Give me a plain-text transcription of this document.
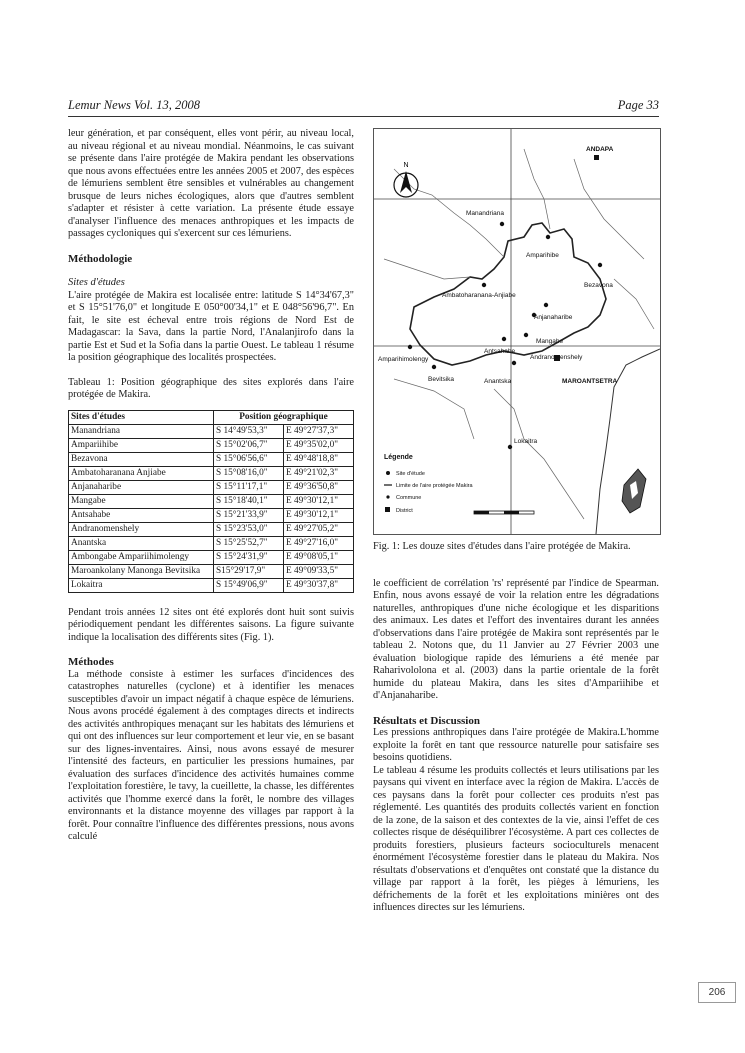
Lemur News Vol. 13, 2008	Page 33

leur génération, et par conséquent, elles vont périr, au niveau local, au niveau régional et au niveau mondial. Néanmoins, le cas suivant se présente dans l'aire protégée de Makira pendant les observations que nous avons effectuées entre les années 2005 et 2007, des espèces de lémuriens semblent être sensibles et vulnérables au changement brusque de leurs niches écologiques, alors que d'autres semblent s'adapter et résister à cette variation. La présente étude essaye d'analyser l'influence des menaces anthropiques et les impacts de passages cycloniques qui s'exercent sur ces lémuriens.

Méthodologie
Sites d'études

L'aire protégée de Makira est localisée entre: latitude S 14°34'67,3" et S 15°51'76,0" et longitude E 050°00'34,1" et E 048°56'96,7". En fait, le site est écheval entre trois régions de Nord Est de Madagascar: la Sava, dans la partie Nord, l'Analanjirofo dans la partie Est et Sud et la Sofia dans la partie Ouest. Le tableau 1 résume la position géographique des localités prospectées.

Tableau 1: Position géographique des sites explorés dans l'aire protégée de Makira.

Sites d'études	Position géographique	
Manandriana	S 14°49'53,3"	E 49°27'37,3"
Ampariihibe	S 15°02'06,7"	E 49°35'02,0"
Bezavona	S 15°06'56,6"	E 49°48'18,8"
Ambatoharanana Anjiabe	S 15°08'16,0"	E 49°21'02,3"
Anjanaharibe	S 15°11'17,1"	E 49°36'50,8"
Mangabe	S 15°18'40,1"	E 49°30'12,1"
Antsahabe	S 15°21'33,9"	E 49°30'12,1"
Andranomenshely	S 15°23'53,0"	E 49°27'05,2"
Anantska	S 15°25'52,7"	E 49°27'16,0"
Ambongabe Ampariihimolengy	S 15°24'31,9"	E 49°08'05,1"
Maroankolany Manonga Bevitsika	S15°29'17,9"	E 49°09'33,5"
Lokaitra	S 15°49'06,9"	E 49°30'37,8"

Pendant trois années 12 sites ont été explorés dont huit sont suivis périodiquement pendant les différentes saisons. La figure suivante indique la localisation des différents sites (Fig. 1).

Méthodes

La méthode consiste à estimer les surfaces d'incidences des catastrophes naturelles (cyclone) et à identifier les menaces susceptibles d'avoir un impact négatif à chaque espèce de lémuriens. Nous avons procédé également à des comptages directs et indirects des activités anthropiques menaçant sur les habitats des lémuriens et qui ont des influences sur leur comportement et leur vie, en se basant sur des lignes-inventaires. Ainsi, nous avons essayé de mesurer l'intensité des facteurs, en particulier les pressions humaines, par évaluation des surfaces d'incidence des activités humaines comme l'exploitation forestière, le tavy, la cueillette, la chasse, les différentes activités que l'homme exercé dans la forêt, le nombre des villages environnants et la distance moyenne des villages par rapport à la forêt. Pour connaître l'influence des différentes pressions, nous avons calculé

N
ANDAPA
Manandriana
Amparihibe
Bezavona
Ambatoharanana-Anjiabe
Anjanaharibe
Mangabe
Antsahabe
Andranomenshely
Amparihimolengy
Bevitsika	Anantska	MAROANTSETRA
Lokaitra
Légende
Site d'étude
Limite de l'aire protégée Makira
Commune
District

Fig. 1: Les douze sites d'études dans l'aire protégée de Makira.

le coefficient de corrélation 'rs' représenté par l'indice de Spearman. Enfin, nous avons essayé de voir la relation entre les dégradations naturelles, anthropiques d'une niche écologique et les disparitions des animaux. Les dates et l'effort des inventaires durant les années d'observations dans l'aire protégée de Makira sont représentés par le tableau 2. Notons que, du 11 Janvier au 27 Février 2003 une évaluation biologique rapide des lémuriens a été menée par Raharivololona et al. (2003) dans la partie orientale de la forêt humide du plateau Makira, dans les sites d'Ampariihibe et d'Anjanaharibe.

Résultats et Discussion

Les pressions anthropiques dans l'aire protégée de Makira.L'homme exploite la forêt en tant que ressource naturelle pour satisfaire ses besoins quotidiens.

Le tableau 4 résume les produits collectés et leurs utilisations par les paysans qui vivent en interface avec la région de Makira. L'accès de ces paysans dans la forêt pour collecter ces produits n'est pas réglementé. Les quantités des produits collectés varient en fonction de la zone, de la saison et des contextes de la vie, ainsi l'effet de ces collectes risque de déséquilibrer l'écosystème. A part ces collectes de produits forestiers, plusieurs facteurs socioculturels menacent énormément l'écosystème forestier dans le plateau du Makira. Nos résultats d'observations et d'enquêtes ont constaté que la distance du village par rapport à la forêt, les pièges à lémuriens, les défrichements de la forêt et les exploitations minières ont des influences directes sur les lémuriens.

206
